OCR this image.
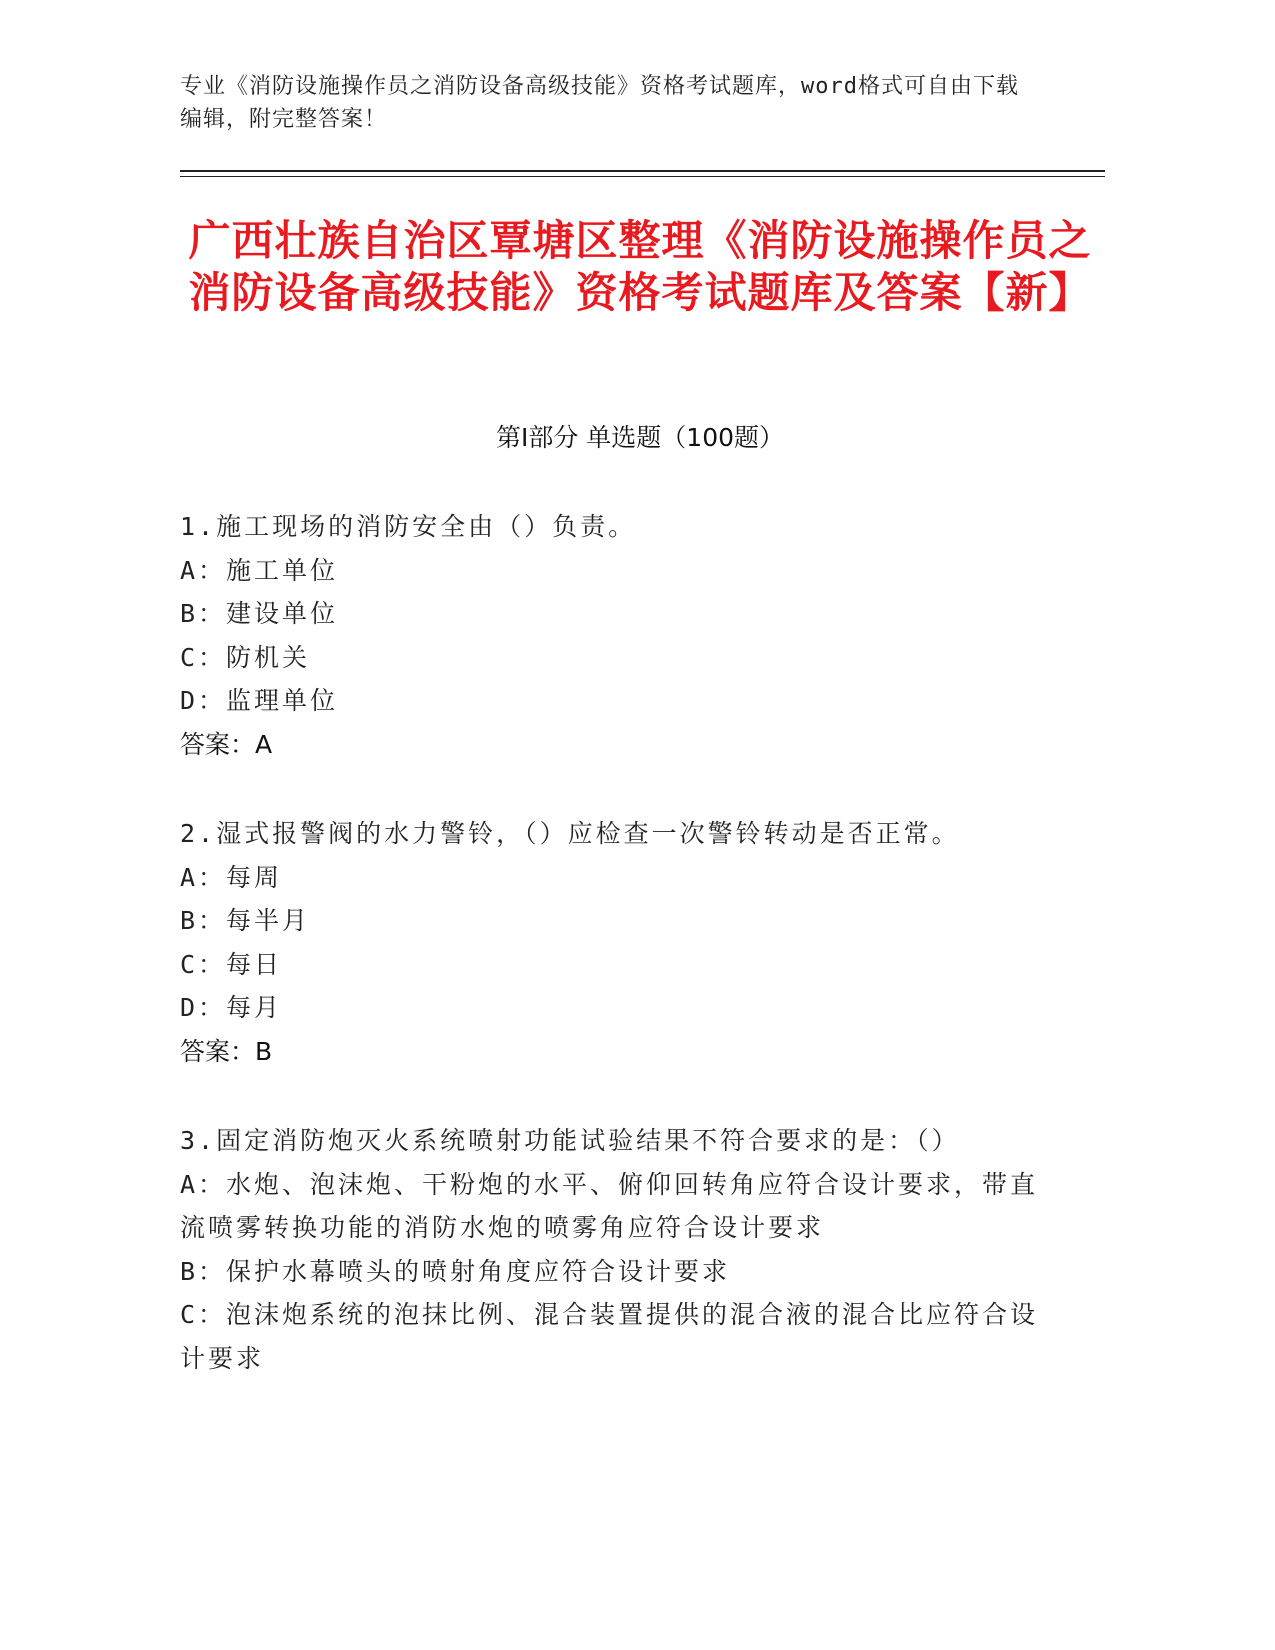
专业《消防设施操作员之消防设备高级技能》资格考试题库，word格式可自由下载编辑，附完整答案！
广西壮族自治区覃塘区整理《消防设施操作员之消防设备高级技能》资格考试题库及答案【新】
第Ⅰ部分 单选题（100题）
1.施工现场的消防安全由（）负责。
A：施工单位
B：建设单位
C：防机关
D：监理单位
答案：A
2.湿式报警阀的水力警铃，（）应检查一次警铃转动是否正常。
A：每周
B：每半月
C：每日
D：每月
答案：B
3.固定消防炮灭火系统喷射功能试验结果不符合要求的是：（）
A：水炮、泡沫炮、干粉炮的水平、俯仰回转角应符合设计要求，带直流喷雾转换功能的消防水炮的喷雾角应符合设计要求
B：保护水幕喷头的喷射角度应符合设计要求
C：泡沫炮系统的泡抹比例、混合装置提供的混合液的混合比应符合设计要求
